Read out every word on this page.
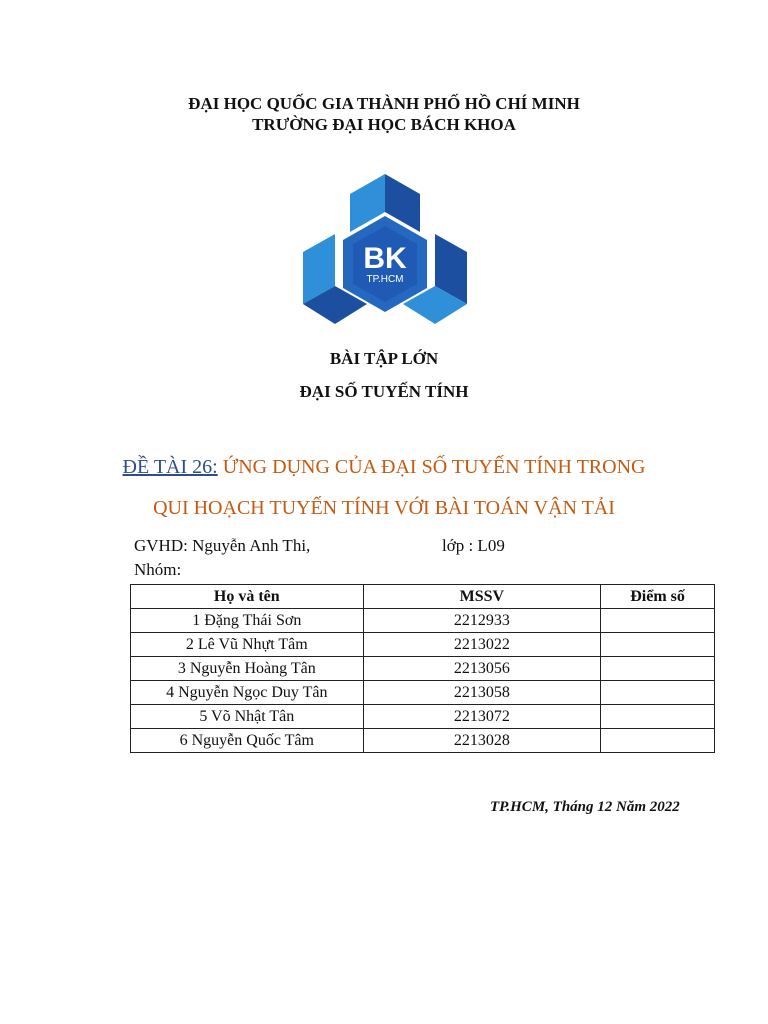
ĐẠI HỌC QUỐC GIA THÀNH PHỐ HỒ CHÍ MINH
TRƯỜNG ĐẠI HỌC BÁCH KHOA
BK
TP.HCM
BÀI TẬP LỚN
ĐẠI SỐ TUYẾN TÍNH
ĐỀ TÀI 26: ỨNG DỤNG CỦA ĐẠI SỐ TUYẾN TÍNH TRONG
QUI HOẠCH TUYẾN TÍNH VỚI BÀI TOÁN VẬN TẢI
GVHD: Nguyễn Anh Thi,	lớp : L09
Nhóm:
Họ và tên	MSSV	Điểm số
1 Đặng Thái Sơn	2212933	
2 Lê Vũ Nhựt Tâm	2213022	
3 Nguyễn Hoàng Tân	2213056	
4 Nguyễn Ngọc Duy Tân	2213058	
5 Võ Nhật Tân	2213072	
6 Nguyễn Quốc Tâm	2213028	
TP.HCM, Tháng 12 Năm 2022
